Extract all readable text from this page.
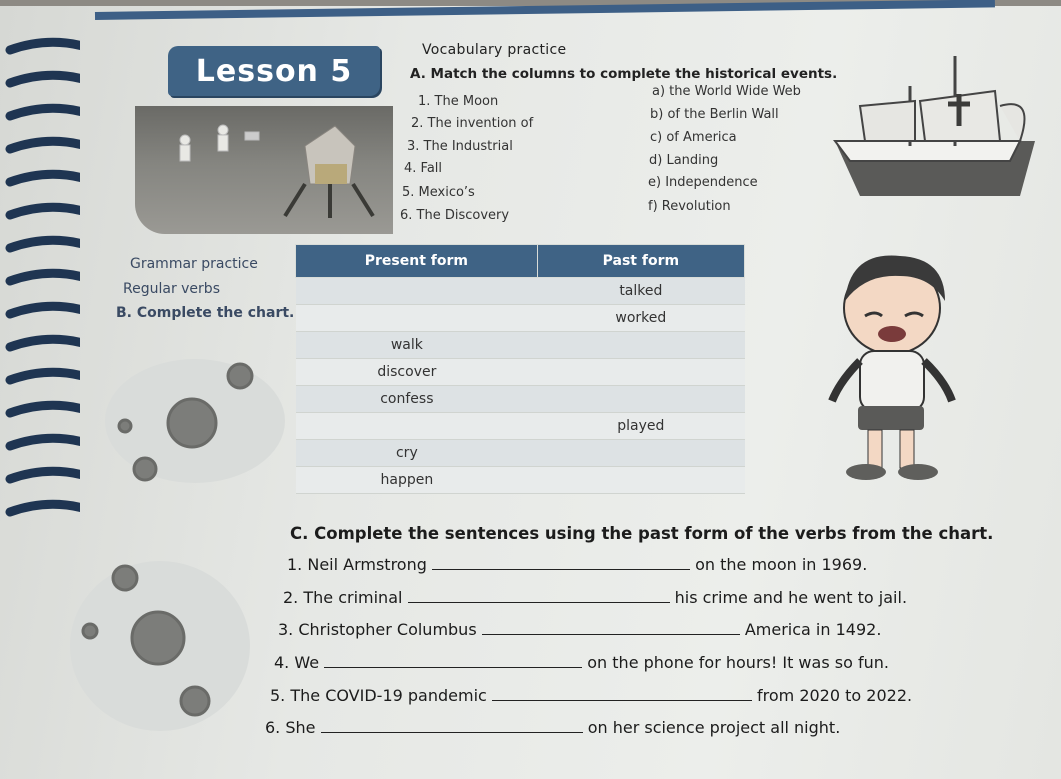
Lesson 5
Vocabulary practice
A. Match the columns to complete the historical events.
1. The Moon
2. The invention of
3. The Industrial
4. Fall
5. Mexico’s
6. The Discovery
a) the World Wide Web
b) of the Berlin Wall
c) of America
d) Landing
e) Independence
f) Revolution
Grammar practice
Regular verbs
B. Complete the chart.
Present form	Past form
	talked
	worked
walk	
discover	
confess	
	played
cry	
happen	
C. Complete the sentences using the past form of the verbs from the chart.
1. Neil Armstrong	on the moon in 1969.
2. The criminal	his crime and he went to jail.
3. Christopher Columbus	America in 1492.
4. We	on the phone for hours! It was so fun.
5. The COVID-19 pandemic	from 2020 to 2022.
6. She	on her science project all night.
